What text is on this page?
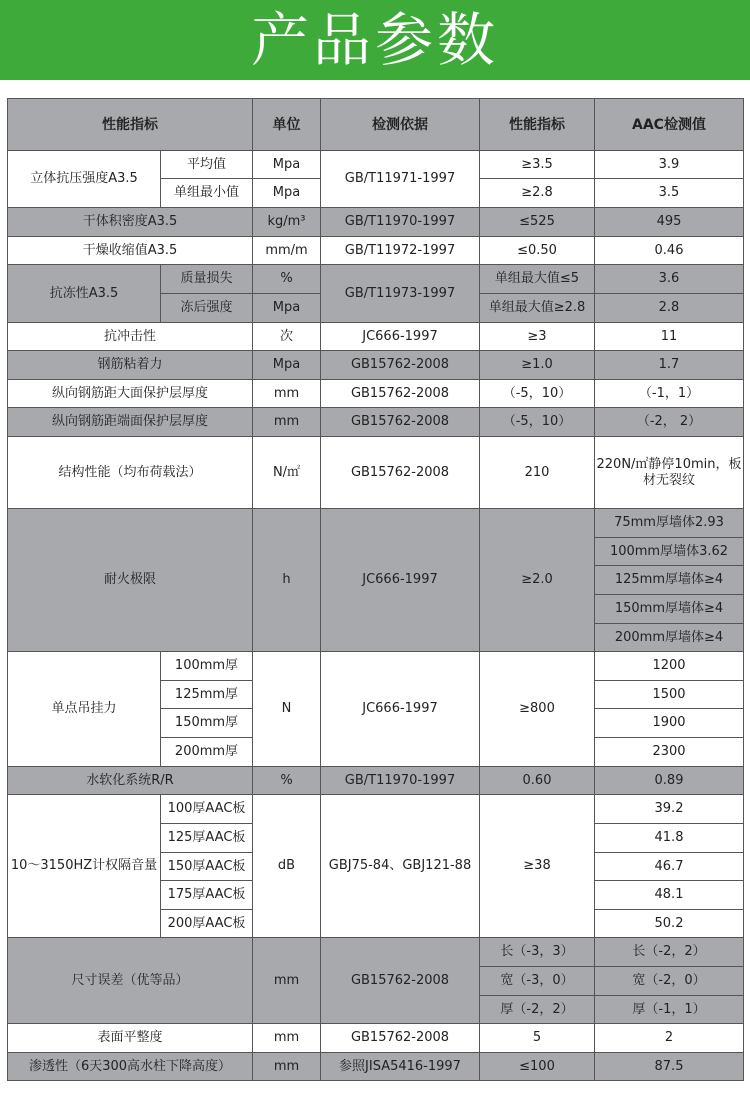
产品参数
性能指标		单位	检测依据	性能指标	AAC检测值
立体抗压强度A3.5	平均值	Mpa	GB/T11971-1997	≥3.5	3.9
	单组最小值	Mpa		≥2.8	3.5
干体积密度A3.5		kg/m³	GB/T11970-1997	≤525	495
干燥收缩值A3.5		mm/m	GB/T11972-1997	≤0.50	0.46
抗冻性A3.5	质量损失	%	GB/T11973-1997	单组最大值≤5	3.6
	冻后强度	Mpa		单组最大值≥2.8	2.8
抗冲击性		次	JC666-1997	≥3	11
钢筋粘着力		Mpa	GB15762-2008	≥1.0	1.7
纵向钢筋距大面保护层厚度		mm	GB15762-2008	（-5，10）	（-1，1）
纵向钢筋距端面保护层厚度		mm	GB15762-2008	（-5，10）	（-2， 2）
结构性能（均布荷载法）		N/㎡	GB15762-2008	210	220N/㎡静停10min，板材无裂纹
耐火极限		h	JC666-1997	≥2.0	75mm厚墙体2.93
					100mm厚墙体3.62
					125mm厚墙体≥4
					150mm厚墙体≥4
					200mm厚墙体≥4
单点吊挂力	100mm厚	N	JC666-1997	≥800	1200
	125mm厚				1500
	150mm厚				1900
	200mm厚				2300
水软化系统R/R		%	GB/T11970-1997	0.60	0.89
10～3150HZ计权隔音量	100厚AAC板	dB	GBJ75-84、GBJ121-88	≥38	39.2
	125厚AAC板				41.8
	150厚AAC板				46.7
	175厚AAC板				48.1
	200厚AAC板				50.2
尺寸误差（优等品）		mm	GB15762-2008	长（-3，3）	长（-2，2）
				宽（-3，0）	宽（-2，0）
				厚（-2，2）	厚（-1，1）
表面平整度		mm	GB15762-2008	5	2
渗透性（6天300高水柱下降高度）		mm	参照JISA5416-1997	≤100	87.5
